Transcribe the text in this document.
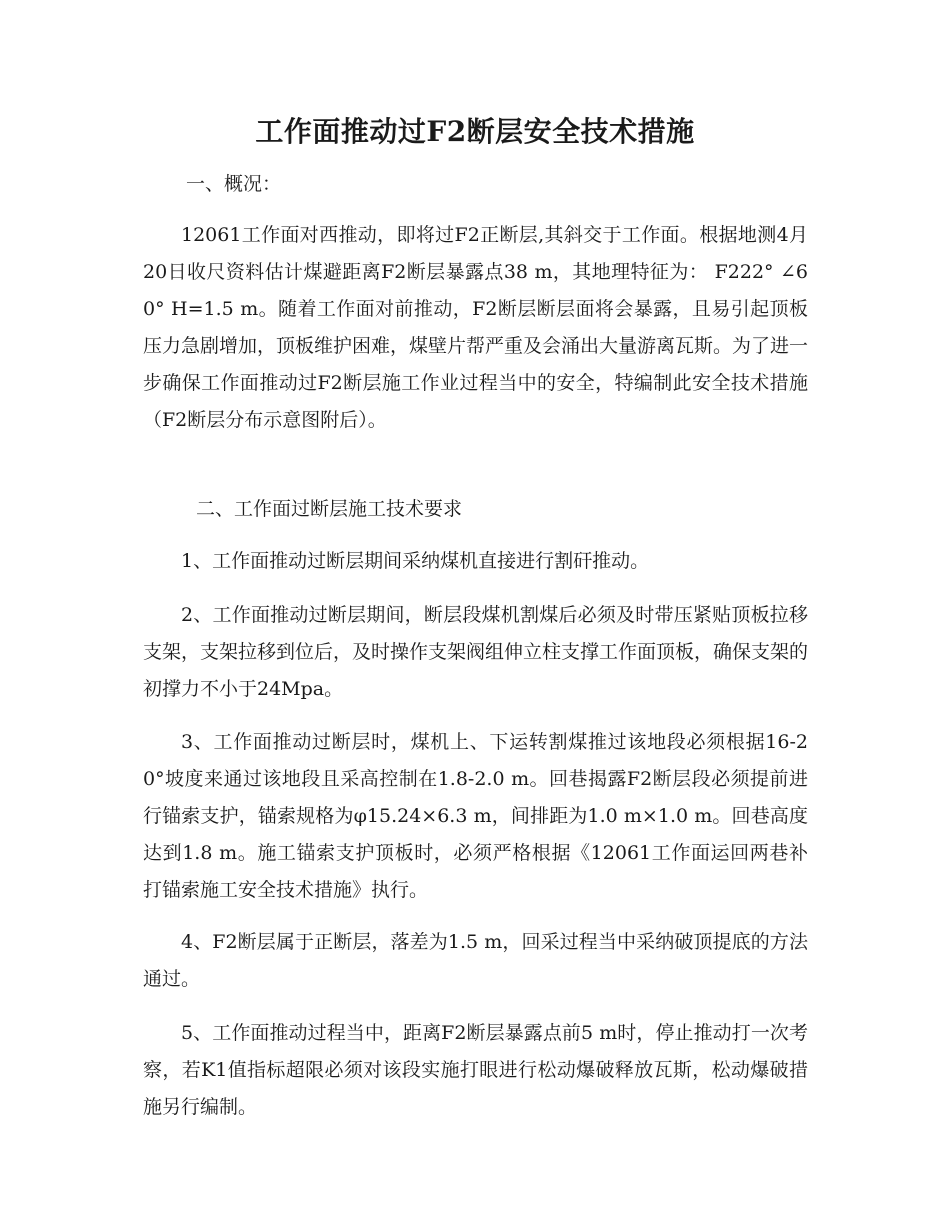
工作面推动过F2断层安全技术措施

一、概况：

12061工作面对西推动，即将过F2正断层,其斜交于工作面。根据地测4月20日收尺资料估计煤避距离F2断层暴露点38 m，其地理特征为： F222° ∠60° H=1.5 m。随着工作面对前推动，F2断层断层面将会暴露，且易引起顶板压力急剧增加，顶板维护困难，煤壁片帮严重及会涌出大量游离瓦斯。为了进一步确保工作面推动过F2断层施工作业过程当中的安全，特编制此安全技术措施（F2断层分布示意图附后）。

二、工作面过断层施工技术要求

1、工作面推动过断层期间采纳煤机直接进行割矸推动。

2、工作面推动过断层期间，断层段煤机割煤后必须及时带压紧贴顶板拉移支架，支架拉移到位后，及时操作支架阀组伸立柱支撑工作面顶板，确保支架的初撑力不小于24Mpa。

3、工作面推动过断层时，煤机上、下运转割煤推过该地段必须根据16-20°坡度来通过该地段且采高控制在1.8-2.0 m。回巷揭露F2断层段必须提前进行锚索支护，锚索规格为φ15.24×6.3 m，间排距为1.0 m×1.0 m。回巷高度达到1.8 m。施工锚索支护顶板时，必须严格根据《12061工作面运回两巷补打锚索施工安全技术措施》执行。

4、F2断层属于正断层，落差为1.5 m，回采过程当中采纳破顶提底的方法通过。

5、工作面推动过程当中，距离F2断层暴露点前5 m时，停止推动打一次考察，若K1值指标超限必须对该段实施打眼进行松动爆破释放瓦斯，松动爆破措施另行编制。
